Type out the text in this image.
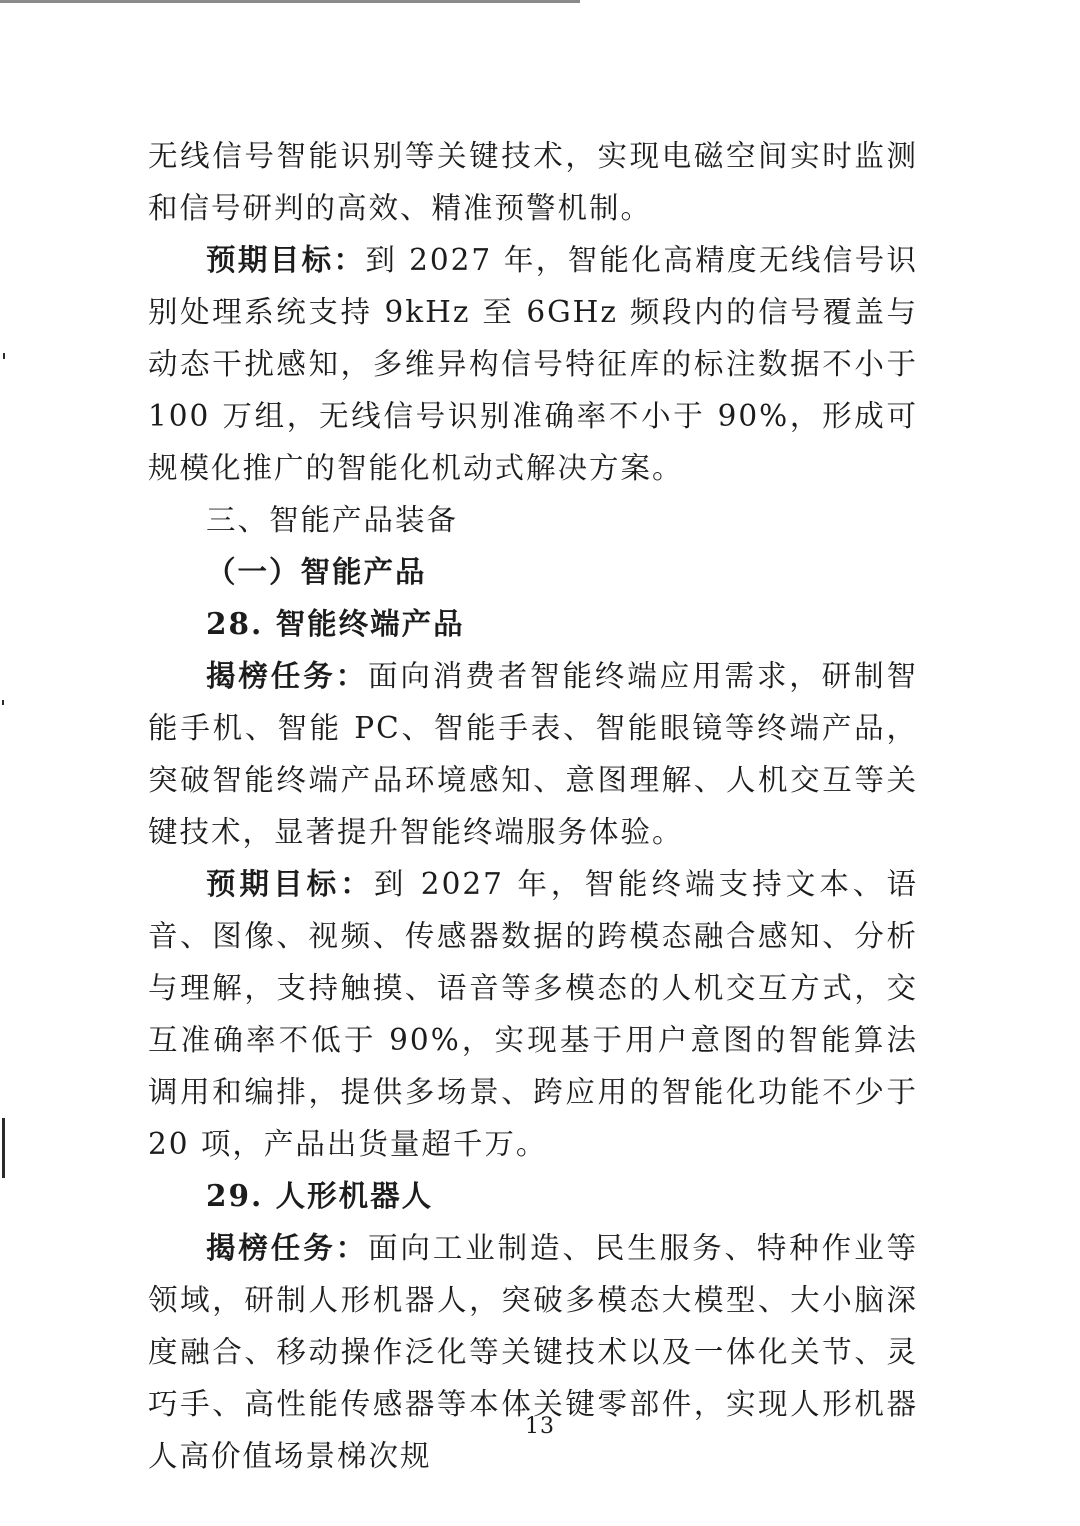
无线信号智能识别等关键技术，实现电磁空间实时监测和信号研判的高效、精准预警机制。

预期目标：到 2027 年，智能化高精度无线信号识别处理系统支持 9kHz 至 6GHz 频段内的信号覆盖与动态干扰感知，多维异构信号特征库的标注数据不小于 100 万组，无线信号识别准确率不小于 90%，形成可规模化推广的智能化机动式解决方案。

三、智能产品装备

（一）智能产品

28. 智能终端产品

揭榜任务：面向消费者智能终端应用需求，研制智能手机、智能 PC、智能手表、智能眼镜等终端产品，突破智能终端产品环境感知、意图理解、人机交互等关键技术，显著提升智能终端服务体验。

预期目标：到 2027 年，智能终端支持文本、语音、图像、视频、传感器数据的跨模态融合感知、分析与理解，支持触摸、语音等多模态的人机交互方式，交互准确率不低于 90%，实现基于用户意图的智能算法调用和编排，提供多场景、跨应用的智能化功能不少于 20 项，产品出货量超千万。

29. 人形机器人

揭榜任务：面向工业制造、民生服务、特种作业等领域，研制人形机器人，突破多模态大模型、大小脑深度融合、移动操作泛化等关键技术以及一体化关节、灵巧手、高性能传感器等本体关键零部件，实现人形机器人高价值场景梯次规

13
